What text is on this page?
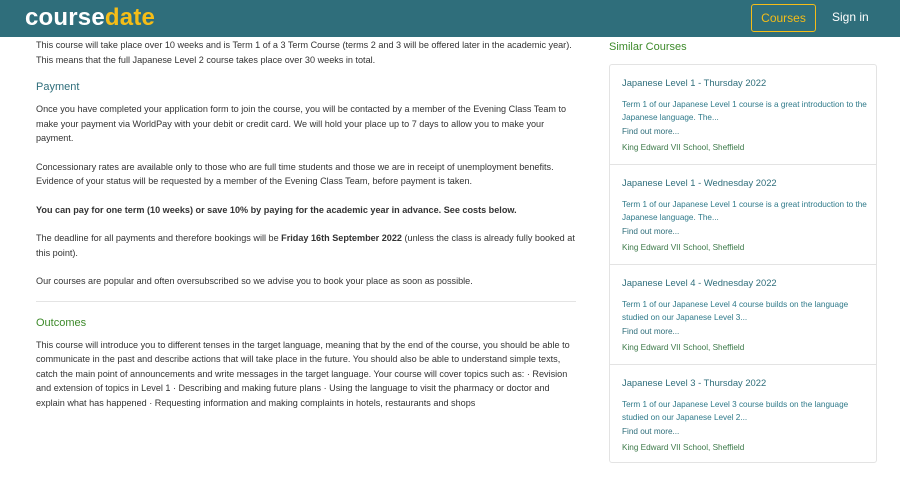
coursedate	Courses	Sign in

This course will take place over 10 weeks and is Term 1 of a 3 Term Course (terms 2 and 3 will be offered later in the academic year). This means that the full Japanese Level 2 course takes place over 30 weeks in total.

Payment

Once you have completed your application form to join the course, you will be contacted by a member of the Evening Class Team to make your payment via WorldPay with your debit or credit card. We will hold your place up to 7 days to allow you to make your payment.

Concessionary rates are available only to those who are full time students and those we are in receipt of unemployment benefits. Evidence of your status will be requested by a member of the Evening Class Team, before payment is taken.

You can pay for one term (10 weeks) or save 10% by paying for the academic year in advance. See costs below.

The deadline for all payments and therefore bookings will be Friday 16th September 2022 (unless the class is already fully booked at this point).

Our courses are popular and often oversubscribed so we advise you to book your place as soon as possible.

Outcomes

This course will introduce you to different tenses in the target language, meaning that by the end of the course, you should be able to communicate in the past and describe actions that will take place in the future. You should also be able to understand simple texts, catch the main point of announcements and write messages in the target language. Your course will cover topics such as: · Revision and extension of topics in Level 1 · Describing and making future plans · Using the language to visit the pharmacy or doctor and explain what has happened · Requesting information and making complaints in hotels, restaurants and shops

Similar Courses
Japanese Level 1 - Thursday 2022
Term 1 of our Japanese Level 1 course is a great introduction to the Japanese language. The...
Find out more...
King Edward VII School, Sheffield
Japanese Level 1 - Wednesday 2022
Term 1 of our Japanese Level 1 course is a great introduction to the Japanese language. The...
Find out more...
King Edward VII School, Sheffield
Japanese Level 4 - Wednesday 2022
Term 1 of our Japanese Level 4 course builds on the language studied on our Japanese Level 3...
Find out more...
King Edward VII School, Sheffield
Japanese Level 3 - Thursday 2022
Term 1 of our Japanese Level 3 course builds on the language studied on our Japanese Level 2...
Find out more...
King Edward VII School, Sheffield
